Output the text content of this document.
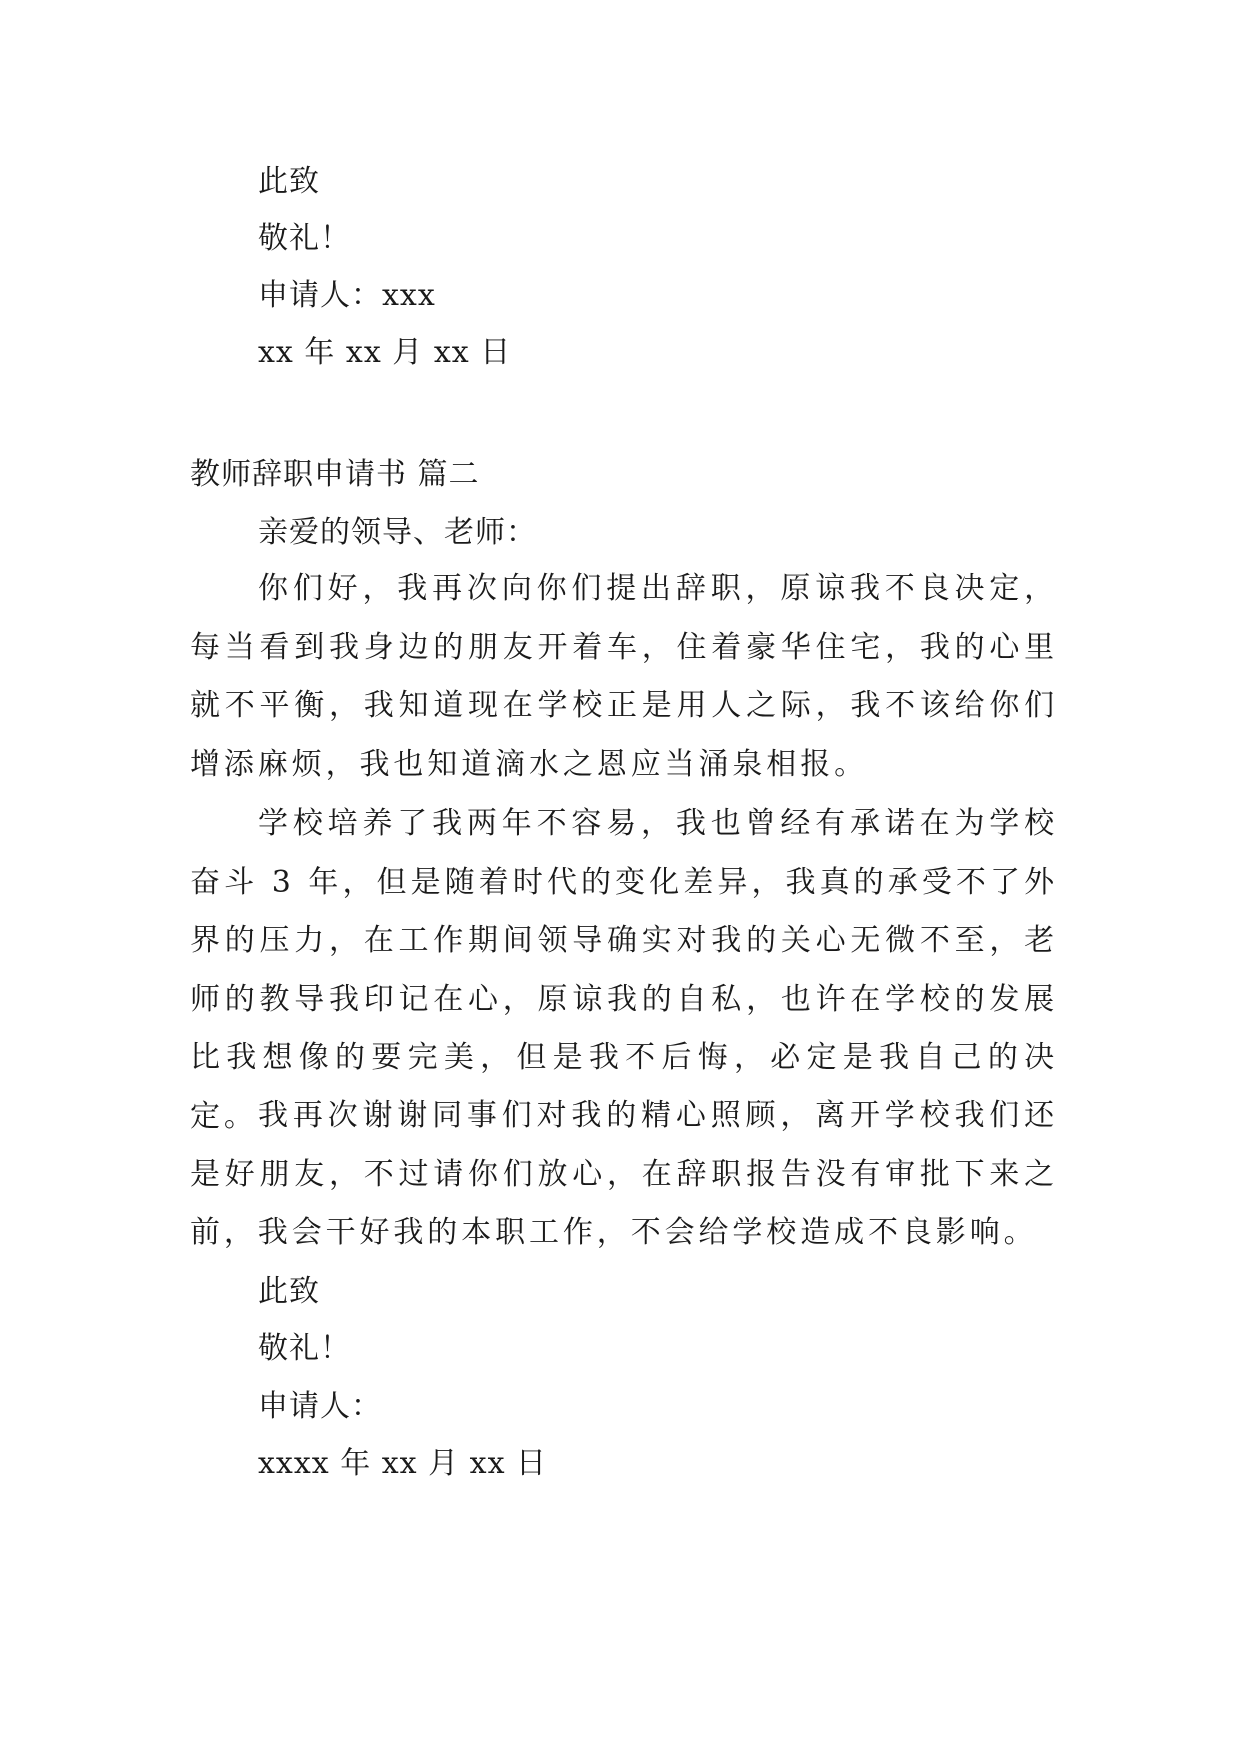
此致
敬礼！
申请人：xxx
xx 年 xx 月 xx 日
教师辞职申请书 篇二
亲爱的领导、老师：
你们好，我再次向你们提出辞职，原谅我不良决定，每当看到我身边的朋友开着车，住着豪华住宅，我的心里就不平衡，我知道现在学校正是用人之际，我不该给你们增添麻烦，我也知道滴水之恩应当涌泉相报。
学校培养了我两年不容易，我也曾经有承诺在为学校奋斗 3 年，但是随着时代的变化差异，我真的承受不了外界的压力，在工作期间领导确实对我的关心无微不至，老师的教导我印记在心，原谅我的自私，也许在学校的发展比我想像的要完美，但是我不后悔，必定是我自己的决定。 我再次谢谢同事们对我的精心照顾，离开学校我们还是好朋友，不过请你们放心，在辞职报告没有审批下来之前，我会干好我的本职工作，不会给学校造成不良影响。
此致
敬礼！
申请人：
xxxx 年 xx 月 xx 日
